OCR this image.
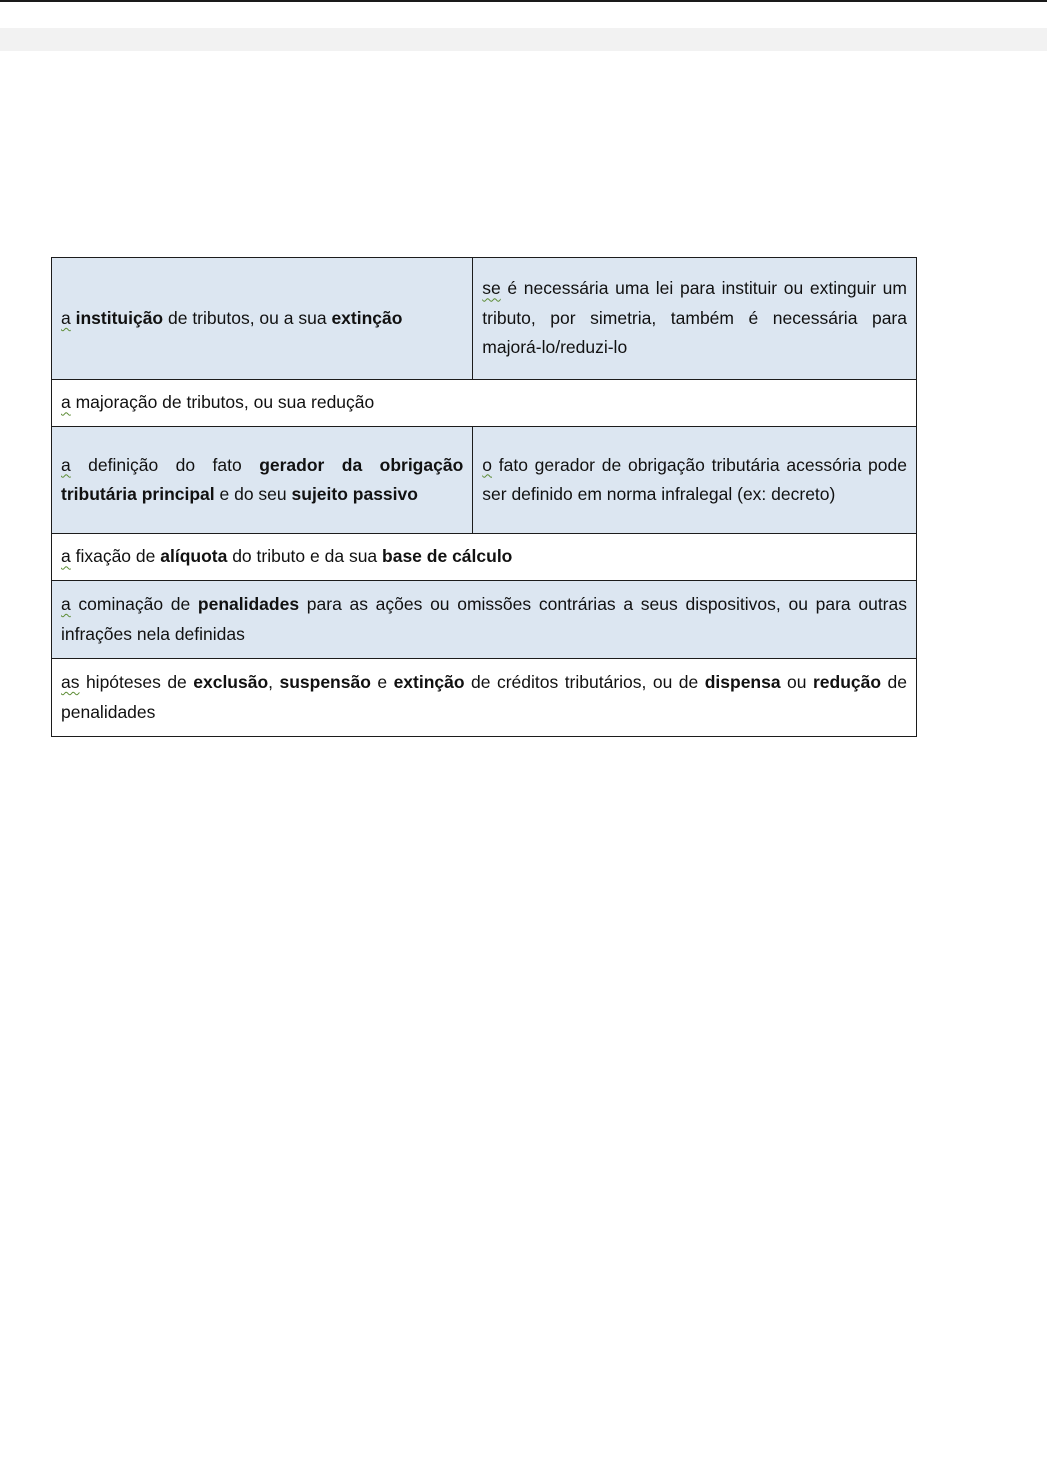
a instituição de tributos, ou a sua extinção	se é necessária uma lei para instituir ou extinguir um tributo, por simetria, também é necessária para majorá-lo/reduzi-lo
a majoração de tributos, ou sua redução	
a definição do fato gerador da obrigação tributária principal e do seu sujeito passivo	o fato gerador de obrigação tributária acessória pode ser definido em norma infralegal (ex: decreto)
a fixação de alíquota do tributo e da sua base de cálculo	
a cominação de penalidades para as ações ou omissões contrárias a seus dispositivos, ou para outras infrações nela definidas	
as hipóteses de exclusão, suspensão e extinção de créditos tributários, ou de dispensa ou redução de penalidades	
